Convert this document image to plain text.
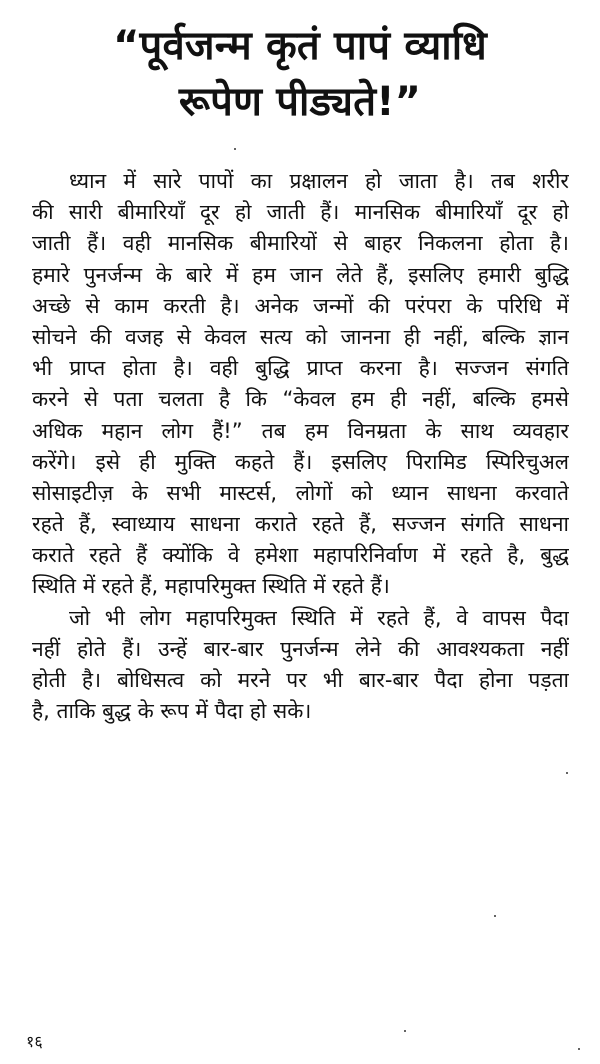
“पूर्वजन्म कृतं पापं व्याधि
रूपेण पीड्यते!”
ध्यान में सारे पापों का प्रक्षालन हो जाता है। तब शरीर
की सारी बीमारियाँ दूर हो जाती हैं। मानसिक बीमारियाँ दूर हो
जाती हैं। वही मानसिक बीमारियों से बाहर निकलना होता है।
हमारे पुनर्जन्म के बारे में हम जान लेते हैं, इसलिए हमारी बुद्धि
अच्छे से काम करती है। अनेक जन्मों की परंपरा के परिधि में
सोचने की वजह से केवल सत्य को जानना ही नहीं, बल्कि ज्ञान
भी प्राप्त होता है। वही बुद्धि प्राप्त करना है। सज्जन संगति
करने से पता चलता है कि “केवल हम ही नहीं, बल्कि हमसे
अधिक महान लोग हैं!” तब हम विनम्रता के साथ व्यवहार
करेंगे। इसे ही मुक्ति कहते हैं। इसलिए पिरामिड स्पिरिचुअल
सोसाइटीज़ के सभी मास्टर्स, लोगों को ध्यान साधना करवाते
रहते हैं, स्वाध्याय साधना कराते रहते हैं, सज्जन संगति साधना
कराते रहते हैं क्योंकि वे हमेशा महापरिनिर्वाण में रहते है, बुद्ध
स्थिति में रहते हैं, महापरिमुक्त स्थिति में रहते हैं।
जो भी लोग महापरिमुक्त स्थिति में रहते हैं, वे वापस पैदा
नहीं होते हैं। उन्हें बार-बार पुनर्जन्म लेने की आवश्यकता नहीं
होती है। बोधिसत्व को मरने पर भी बार-बार पैदा होना पड़ता
है, ताकि बुद्ध के रूप में पैदा हो सके।
१६
